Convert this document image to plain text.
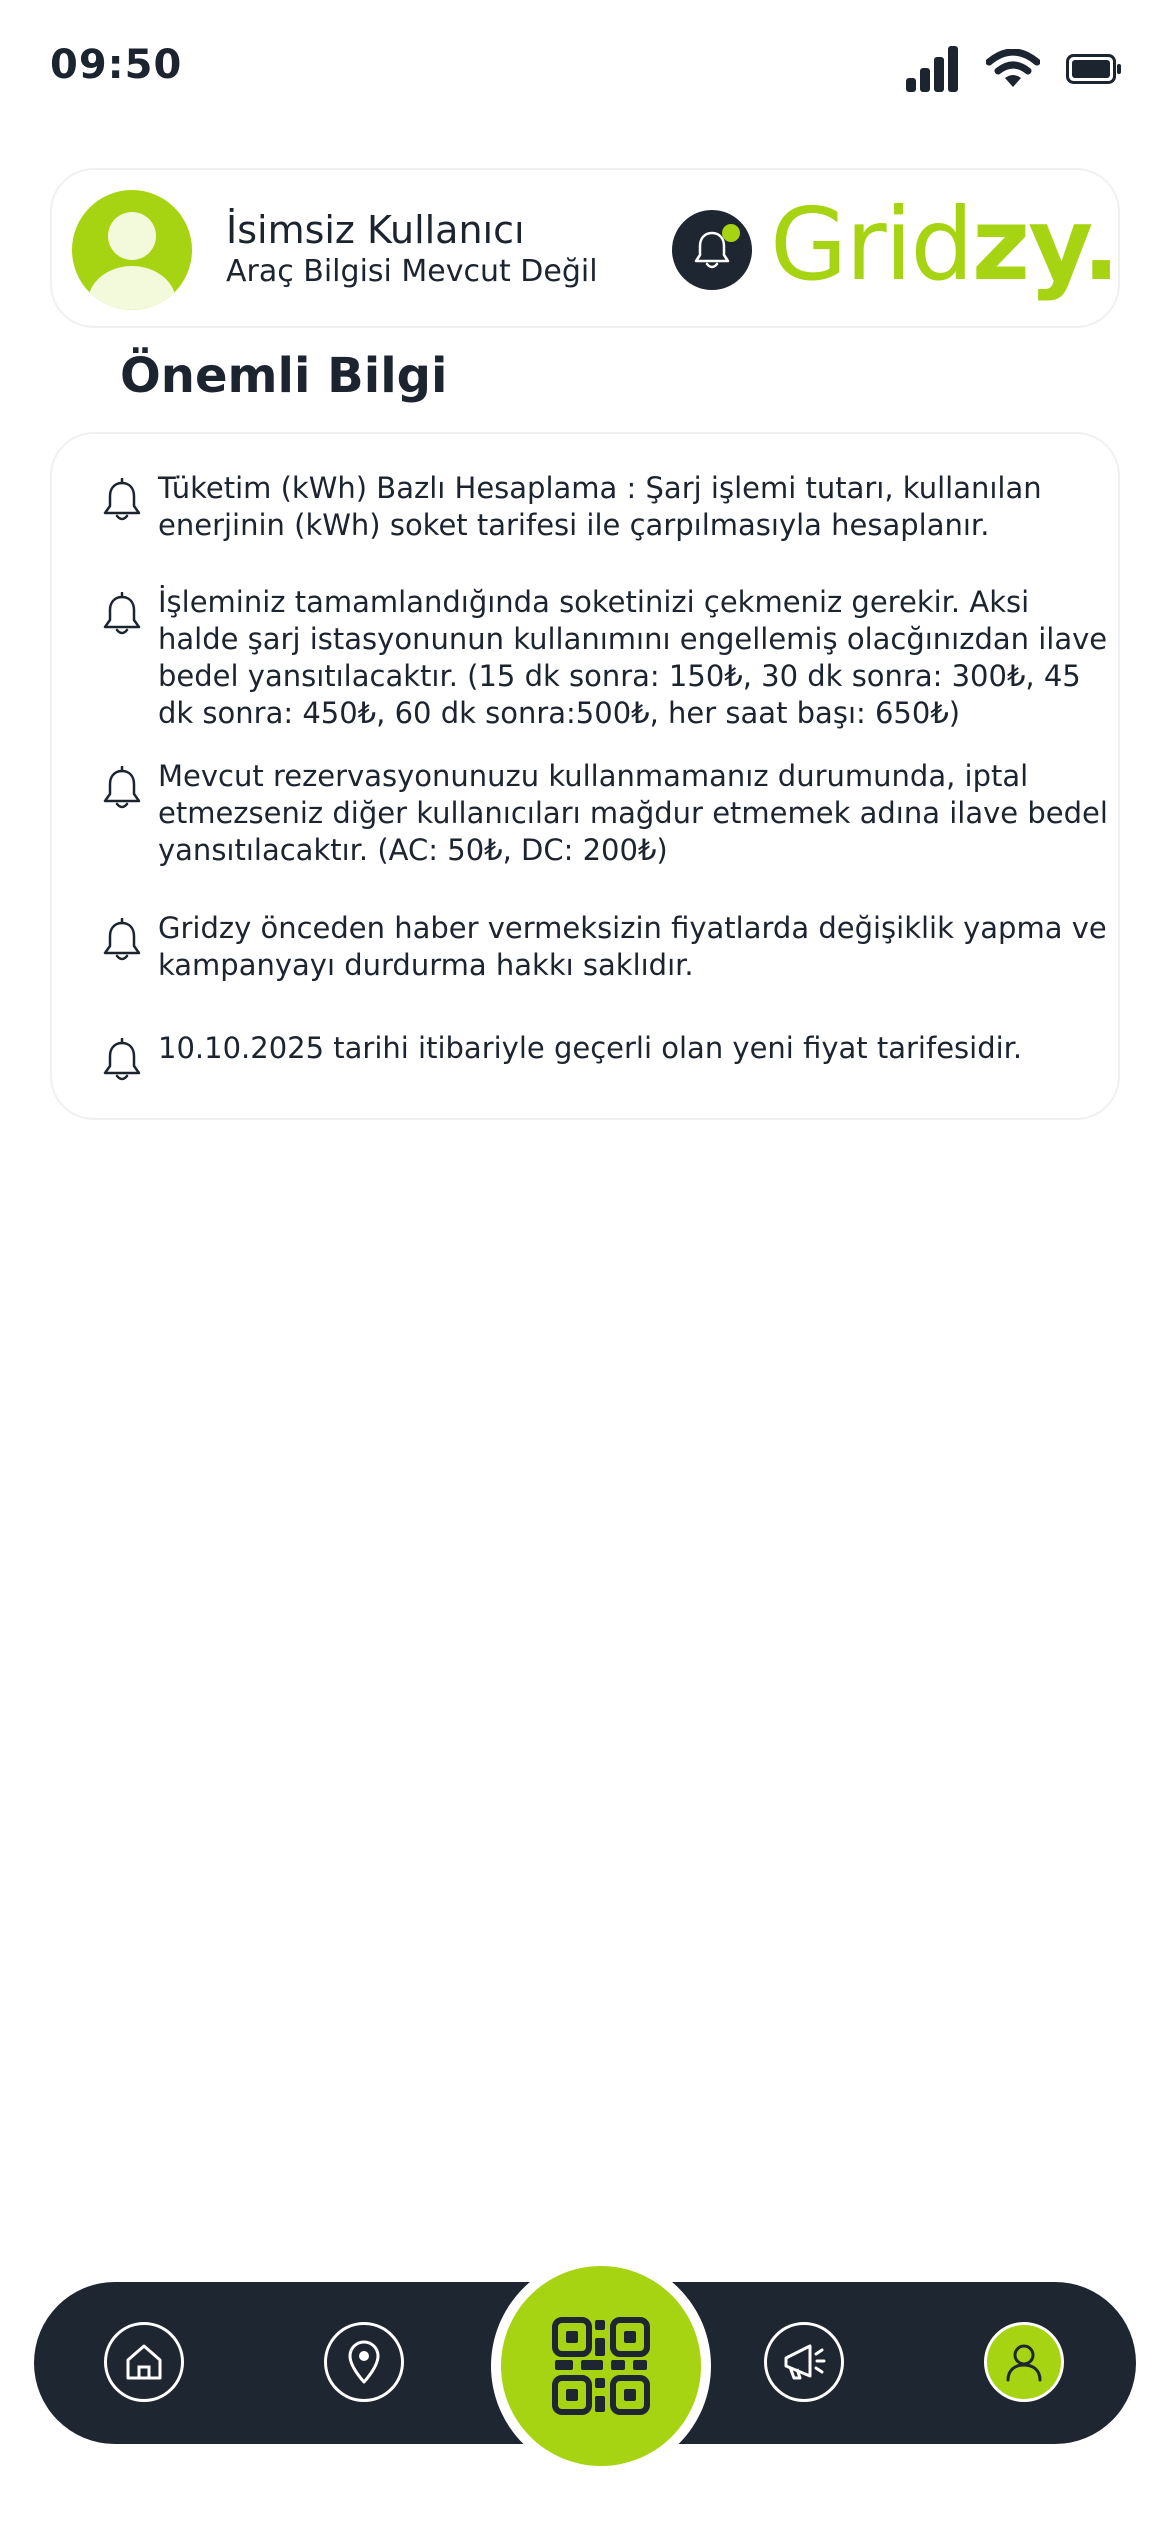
09:50
İsimsiz Kullanıcı
Araç Bilgisi Mevcut Değil Gridzy.
Önemli Bilgi

Tüketim (kWh) Bazlı Hesaplama : Şarj işlemi tutarı, kullanılan enerjinin (kWh) soket tarifesi ile çarpılmasıyla hesaplanır.

İşleminiz tamamlandığında soketinizi çekmeniz gerekir. Aksi halde şarj istasyonunun kullanımını engellemiş olacğınızdan ilave bedel yansıtılacaktır. (15 dk sonra: 150₺, 30 dk sonra: 300₺, 45 dk sonra: 450₺, 60 dk sonra:500₺, her saat başı: 650₺)

Mevcut rezervasyonunuzu kullanmamanız durumunda, iptal etmezseniz diğer kullanıcıları mağdur etmemek adına ilave bedel yansıtılacaktır. (AC: 50₺, DC: 200₺)

Gridzy önceden haber vermeksizin fiyatlarda değişiklik yapma ve kampanyayı durdurma hakkı saklıdır.

10.10.2025 tarihi itibariyle geçerli olan yeni fiyat tarifesidir.
